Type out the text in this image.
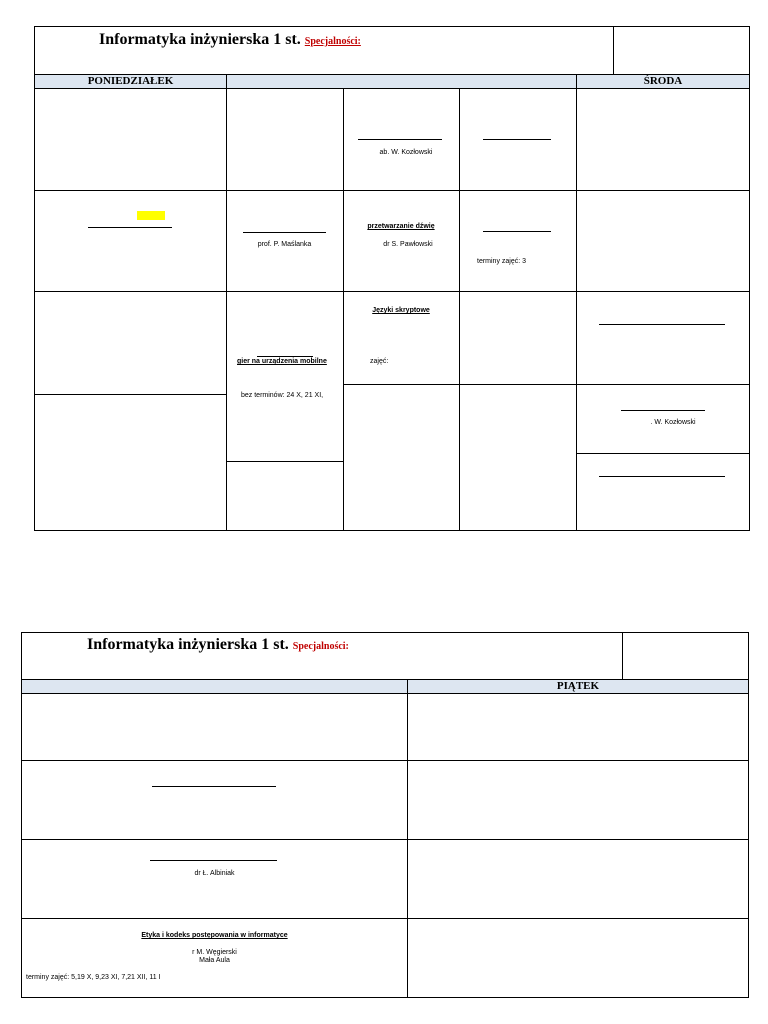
Informatyka inżynierska 1 st. Specjalności:
PONIEDZIAŁEK	ŚRODA
ab. W. Kozłowski
prof. P. Maślanka
przetwarzanie dźwię
dr S. Pawłowski
terminy zajęć: 3
Języki skryptowe
zajęć:
gier na urządzenia mobilne
bez terminów: 24 X, 21 XI,
. W. Kozłowski
Informatyka inżynierska 1 st. Specjalności:
PIĄTEK
dr Ł. Albiniak
Etyka i kodeks postępowania w informatyce
r M. Węgierski
Mała Aula
terminy zajęć: 5,19 X, 9,23 XI, 7,21 XII, 11 I
